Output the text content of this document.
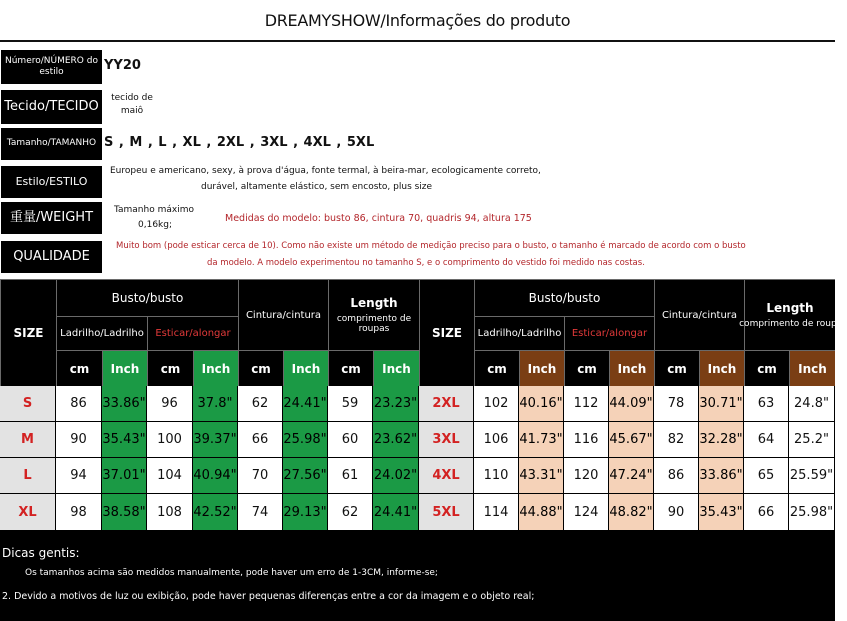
DREAMYSHOW/Informações do produto
Número/NÚMERO do estilo	YY20
Tecido/TECIDO
tecido de maiô
Tamanho/TAMANHO S , M , L , XL , 2XL , 3XL , 4XL , 5XL
Estilo/ESTILO
Europeu e americano, sexy, à prova d'água, fonte termal, à beira-mar, ecologicamente correto,
durável, altamente elástico, sem encosto, plus size
重量/WEIGHT	Tamanho máximo
0,16kg;
Medidas do modelo: busto 86, cintura 70, quadris 94, altura 175
QUALIDADE
Muito bom (pode esticar cerca de 10). Como não existe um método de medição preciso para o busto, o tamanho é marcado de acordo com o busto
da modelo. A modelo experimentou no tamanho S, e o comprimento do vestido foi medido nas costas.
SIZE
Busto/busto
Ladrilho/Ladrilho	Esticar/alongar
Cintura/cintura
Length
comprimento de roupas
cm	Inch	cm	Inch	cm	Inch	cm	Inch
SIZE
Busto/busto
Ladrilho/Ladrilho	Esticar/alongar
Cintura/cintura	Length
comprimento de roupas
cm	Inch	cm	Inch	cm	Inch	cm	Inch
S	86	33.86"	96	37.8"	62	24.41"	59	23.23"
M	90	35.43" 100 39.37"	66	25.98"	60	23.62"
L	94	37.01" 104 40.94"	70	27.56"	61	24.02"
XL	98	38.58" 108 42.52"	74	29.13"	62	24.41"
2XL	102 40.16" 112 44.09"	78	30.71"	63	24.8"
3XL	106 41.73" 116 45.67"	82	32.28"	64	25.2"
4XL	110 43.31" 120 47.24"	86	33.86"	65	25.59"
5XL	114 44.88" 124 48.82"	90	35.43"	66	25.98"
Dicas gentis:
Os tamanhos acima são medidos manualmente, pode haver um erro de 1-3CM, informe-se;
2. Devido a motivos de luz ou exibição, pode haver pequenas diferenças entre a cor da imagem e o objeto real;
